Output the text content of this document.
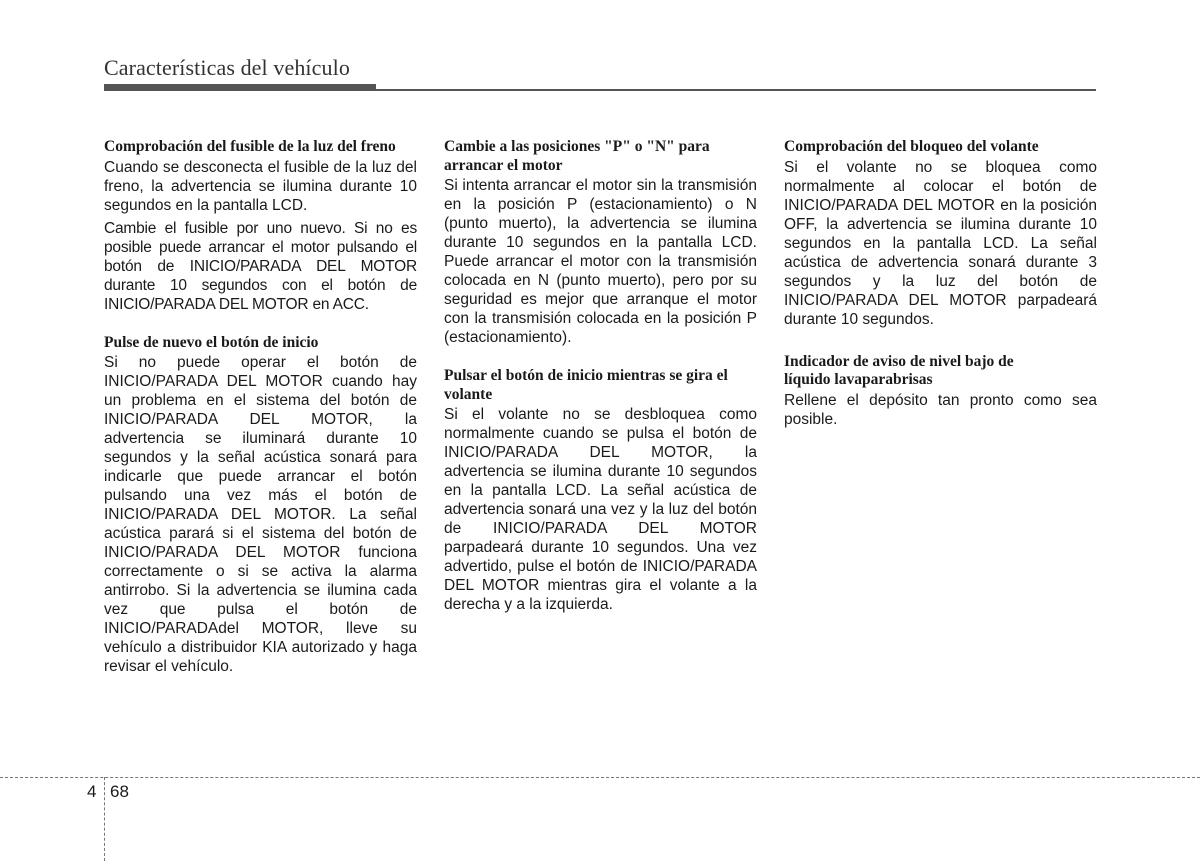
Características del vehículo
Comprobación del fusible de la luz del freno

Cuando se desconecta el fusible de la luz del freno, la advertencia se ilumina durante 10 segundos en la pantalla LCD.

Cambie el fusible por uno nuevo. Si no es posible puede arrancar el motor pulsando el botón de INICIO/PARADA DEL MOTOR durante 10 segundos con el botón de INICIO/PARADA DEL MOTOR en ACC.

Pulse de nuevo el botón de inicio

Si no puede operar el botón de INICIO/PARADA DEL MOTOR cuando hay un problema en el sistema del botón de INICIO/PARADA DEL MOTOR, la advertencia se iluminará durante 10 segundos y la señal acústica sonará para indicarle que puede arrancar el botón pulsando una vez más el botón de INICIO/PARADA DEL MOTOR. La señal acústica parará si el sistema del botón de INICIO/PARADA DEL MOTOR funciona correctamente o si se activa la alarma antirrobo. Si la advertencia se ilumina cada vez que pulsa el botón de INICIO/PARADAdel MOTOR, lleve su vehículo a distribuidor KIA autorizado y haga revisar el vehículo.

Cambie a las posiciones "P" o "N" para arrancar el motor

Si intenta arrancar el motor sin la transmisión en la posición P (estacionamiento) o N (punto muerto), la advertencia se ilumina durante 10 segundos en la pantalla LCD. Puede arrancar el motor con la transmisión colocada en N (punto muerto), pero por su seguridad es mejor que arranque el motor con la transmisión colocada en la posición P (estacionamiento).

Pulsar el botón de inicio mientras se gira el volante

Si el volante no se desbloquea como normalmente cuando se pulsa el botón de INICIO/PARADA DEL MOTOR, la advertencia se ilumina durante 10 segundos en la pantalla LCD. La señal acústica de advertencia sonará una vez y la luz del botón de INICIO/PARADA DEL MOTOR parpadeará durante 10 segundos. Una vez advertido, pulse el botón de INICIO/PARADA DEL MOTOR mientras gira el volante a la derecha y a la izquierda.

Comprobación del bloqueo del volante

Si el volante no se bloquea como normalmente al colocar el botón de INICIO/PARADA DEL MOTOR en la posición OFF, la advertencia se ilumina durante 10 segundos en la pantalla LCD. La señal acústica de advertencia sonará durante 3 segundos y la luz del botón de INICIO/PARADA DEL MOTOR parpadeará durante 10 segundos.

Indicador de aviso de nivel bajo de líquido lavaparabrisas

Rellene el depósito tan pronto como sea posible.

4 68
